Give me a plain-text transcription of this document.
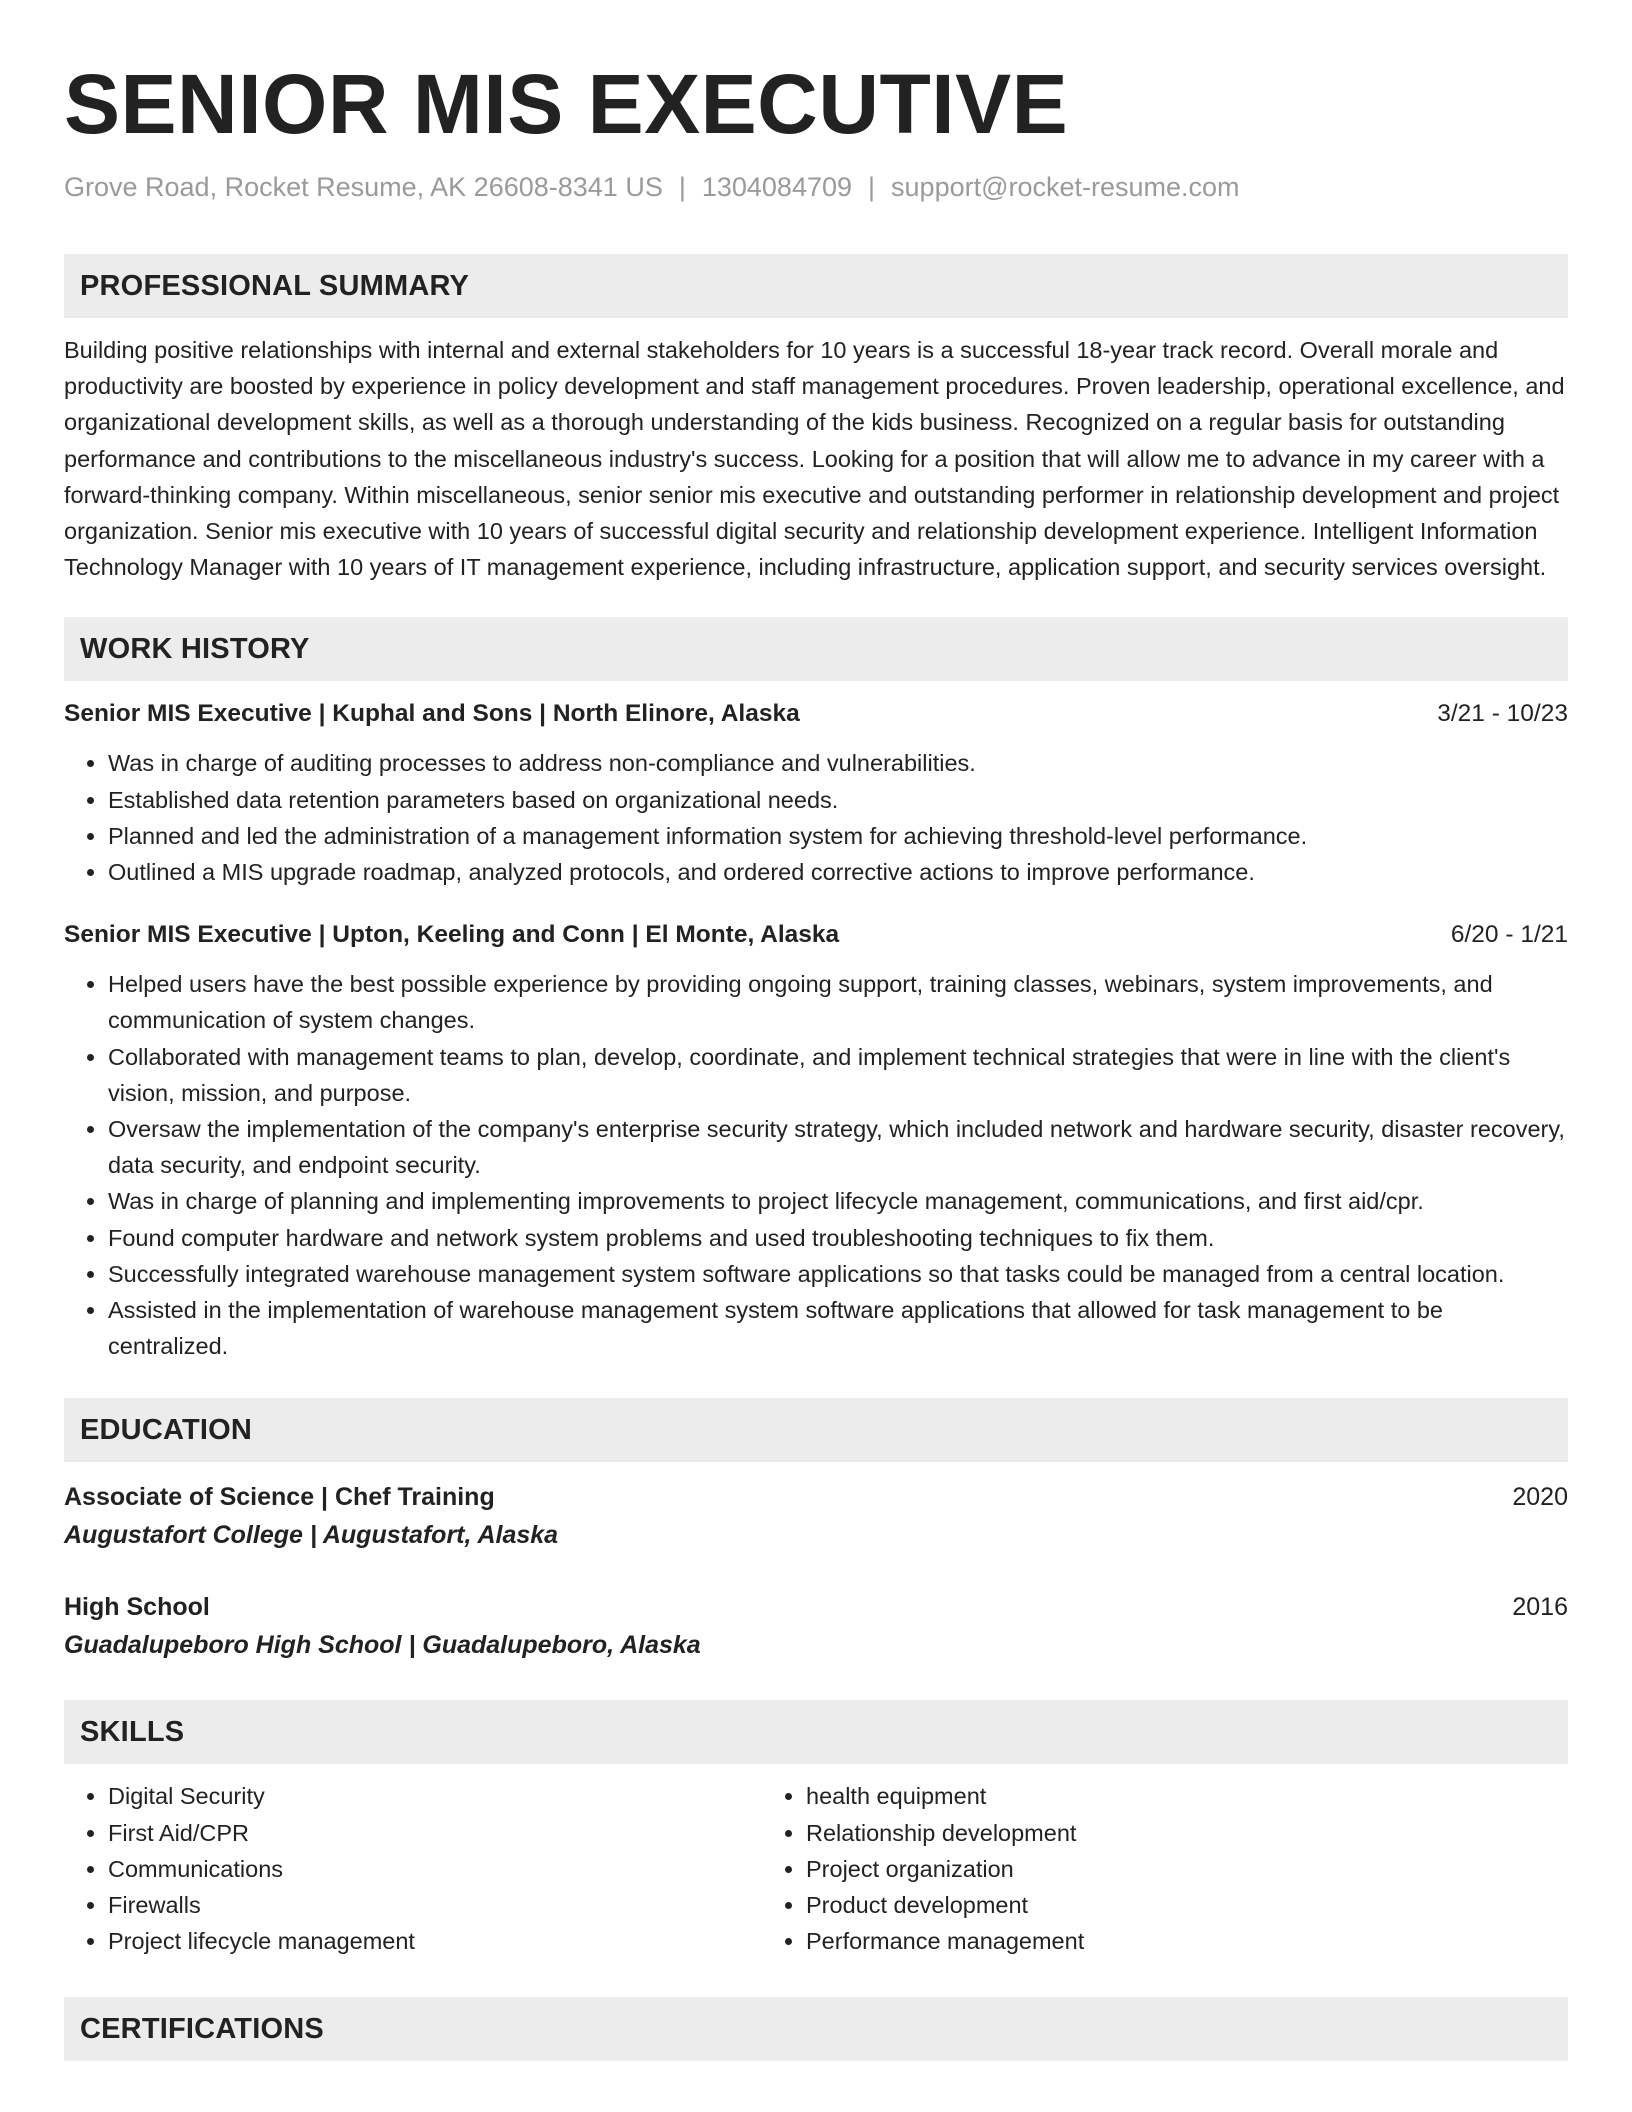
SENIOR MIS EXECUTIVE
Grove Road, Rocket Resume, AK 26608-8341 US | 1304084709 | support@rocket-resume.com
PROFESSIONAL SUMMARY
Building positive relationships with internal and external stakeholders for 10 years is a successful 18-year track record. Overall morale and productivity are boosted by experience in policy development and staff management procedures. Proven leadership, operational excellence, and organizational development skills, as well as a thorough understanding of the kids business. Recognized on a regular basis for outstanding performance and contributions to the miscellaneous industry's success. Looking for a position that will allow me to advance in my career with a forward-thinking company. Within miscellaneous, senior senior mis executive and outstanding performer in relationship development and project organization. Senior mis executive with 10 years of successful digital security and relationship development experience. Intelligent Information Technology Manager with 10 years of IT management experience, including infrastructure, application support, and security services oversight.
WORK HISTORY
Senior MIS Executive | Kuphal and Sons | North Elinore, Alaska	3/21 - 10/23
• Was in charge of auditing processes to address non-compliance and vulnerabilities.
• Established data retention parameters based on organizational needs.
• Planned and led the administration of a management information system for achieving threshold-level performance.
• Outlined a MIS upgrade roadmap, analyzed protocols, and ordered corrective actions to improve performance.
Senior MIS Executive | Upton, Keeling and Conn | El Monte, Alaska	6/20 - 1/21
• Helped users have the best possible experience by providing ongoing support, training classes, webinars, system improvements, and communication of system changes.
• Collaborated with management teams to plan, develop, coordinate, and implement technical strategies that were in line with the client's vision, mission, and purpose.
• Oversaw the implementation of the company's enterprise security strategy, which included network and hardware security, disaster recovery, data security, and endpoint security.
• Was in charge of planning and implementing improvements to project lifecycle management, communications, and first aid/cpr.
• Found computer hardware and network system problems and used troubleshooting techniques to fix them.
• Successfully integrated warehouse management system software applications so that tasks could be managed from a central location.
• Assisted in the implementation of warehouse management system software applications that allowed for task management to be centralized.
EDUCATION
Associate of Science | Chef Training	2020
Augustafort College | Augustafort, Alaska
High School	2016
Guadalupeboro High School | Guadalupeboro, Alaska
SKILLS
• Digital Security
• First Aid/CPR
• Communications
• Firewalls
• Project lifecycle management
• health equipment
• Relationship development
• Project organization
• Product development
• Performance management
CERTIFICATIONS
